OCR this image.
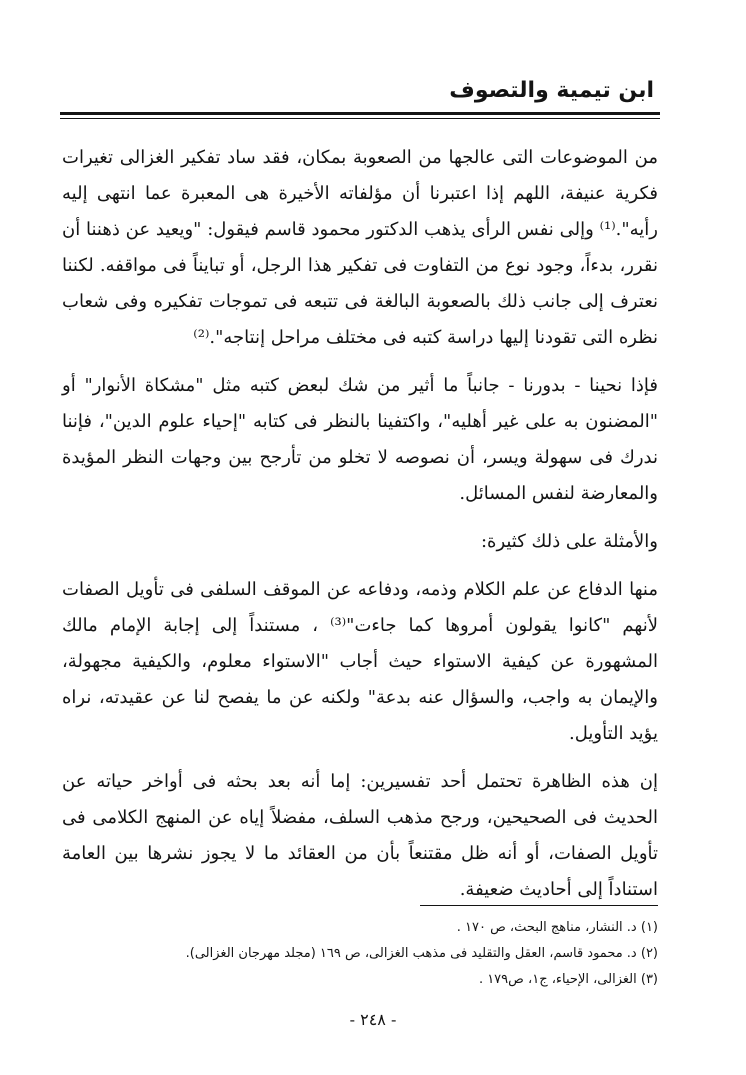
ابن تيمية والتصوف

من الموضوعات التى عالجها من الصعوبة بمكان، فقد ساد تفكير الغزالى تغيرات فكرية عنيفة، اللهم إذا اعتبرنا أن مؤلفاته الأخيرة هى المعبرة عما انتهى إليه رأيه".⁽¹⁾ وإلى نفس الرأى يذهب الدكتور محمود قاسم فيقول: "ويعيد عن ذهننا أن نقرر، بدءاً، وجود نوع من التفاوت فى تفكير هذا الرجل، أو تبايناً فى مواقفه. لكننا نعترف إلى جانب ذلك بالصعوبة البالغة فى تتبعه فى تموجات تفكيره وفى شعاب نظره التى تقودنا إليها دراسة كتبه فى مختلف مراحل إنتاجه".⁽²⁾

فإذا نحينا - بدورنا - جانباً ما أثير من شك لبعض كتبه مثل "مشكاة الأنوار" أو "المضنون به على غير أهليه"، واكتفينا بالنظر فى كتابه "إحياء علوم الدين"، فإننا ندرك فى سهولة ويسر، أن نصوصه لا تخلو من تأرجح بين وجهات النظر المؤيدة والمعارضة لنفس المسائل.

والأمثلة على ذلك كثيرة:

منها الدفاع عن علم الكلام وذمه، ودفاعه عن الموقف السلفى فى تأويل الصفات لأنهم "كانوا يقولون أمروها كما جاءت"⁽³⁾ ، مستنداً إلى إجابة الإمام مالك المشهورة عن كيفية الاستواء حيث أجاب "الاستواء معلوم، والكيفية مجهولة، والإيمان به واجب، والسؤال عنه بدعة" ولكنه عن ما يفصح لنا عن عقيدته، نراه يؤيد التأويل.

إن هذه الظاهرة تحتمل أحد تفسيرين: إما أنه بعد بحثه فى أواخر حياته عن الحديث فى الصحيحين، ورجح مذهب السلف، مفضلاً إياه عن المنهج الكلامى فى تأويل الصفات، أو أنه ظل مقتنعاً بأن من العقائد ما لا يجوز نشرها بين العامة استناداً إلى أحاديث ضعيفة.

(١) د. النشار، مناهج البحث، ص ١٧٠ .

(٢) د. محمود قاسم، العقل والتقليد فى مذهب الغزالى، ص ١٦٩ (مجلد مهرجان الغزالى).

(٣) الغزالى، الإحياء، ج١، ص١٧٩ .

- ٢٤٨ -
